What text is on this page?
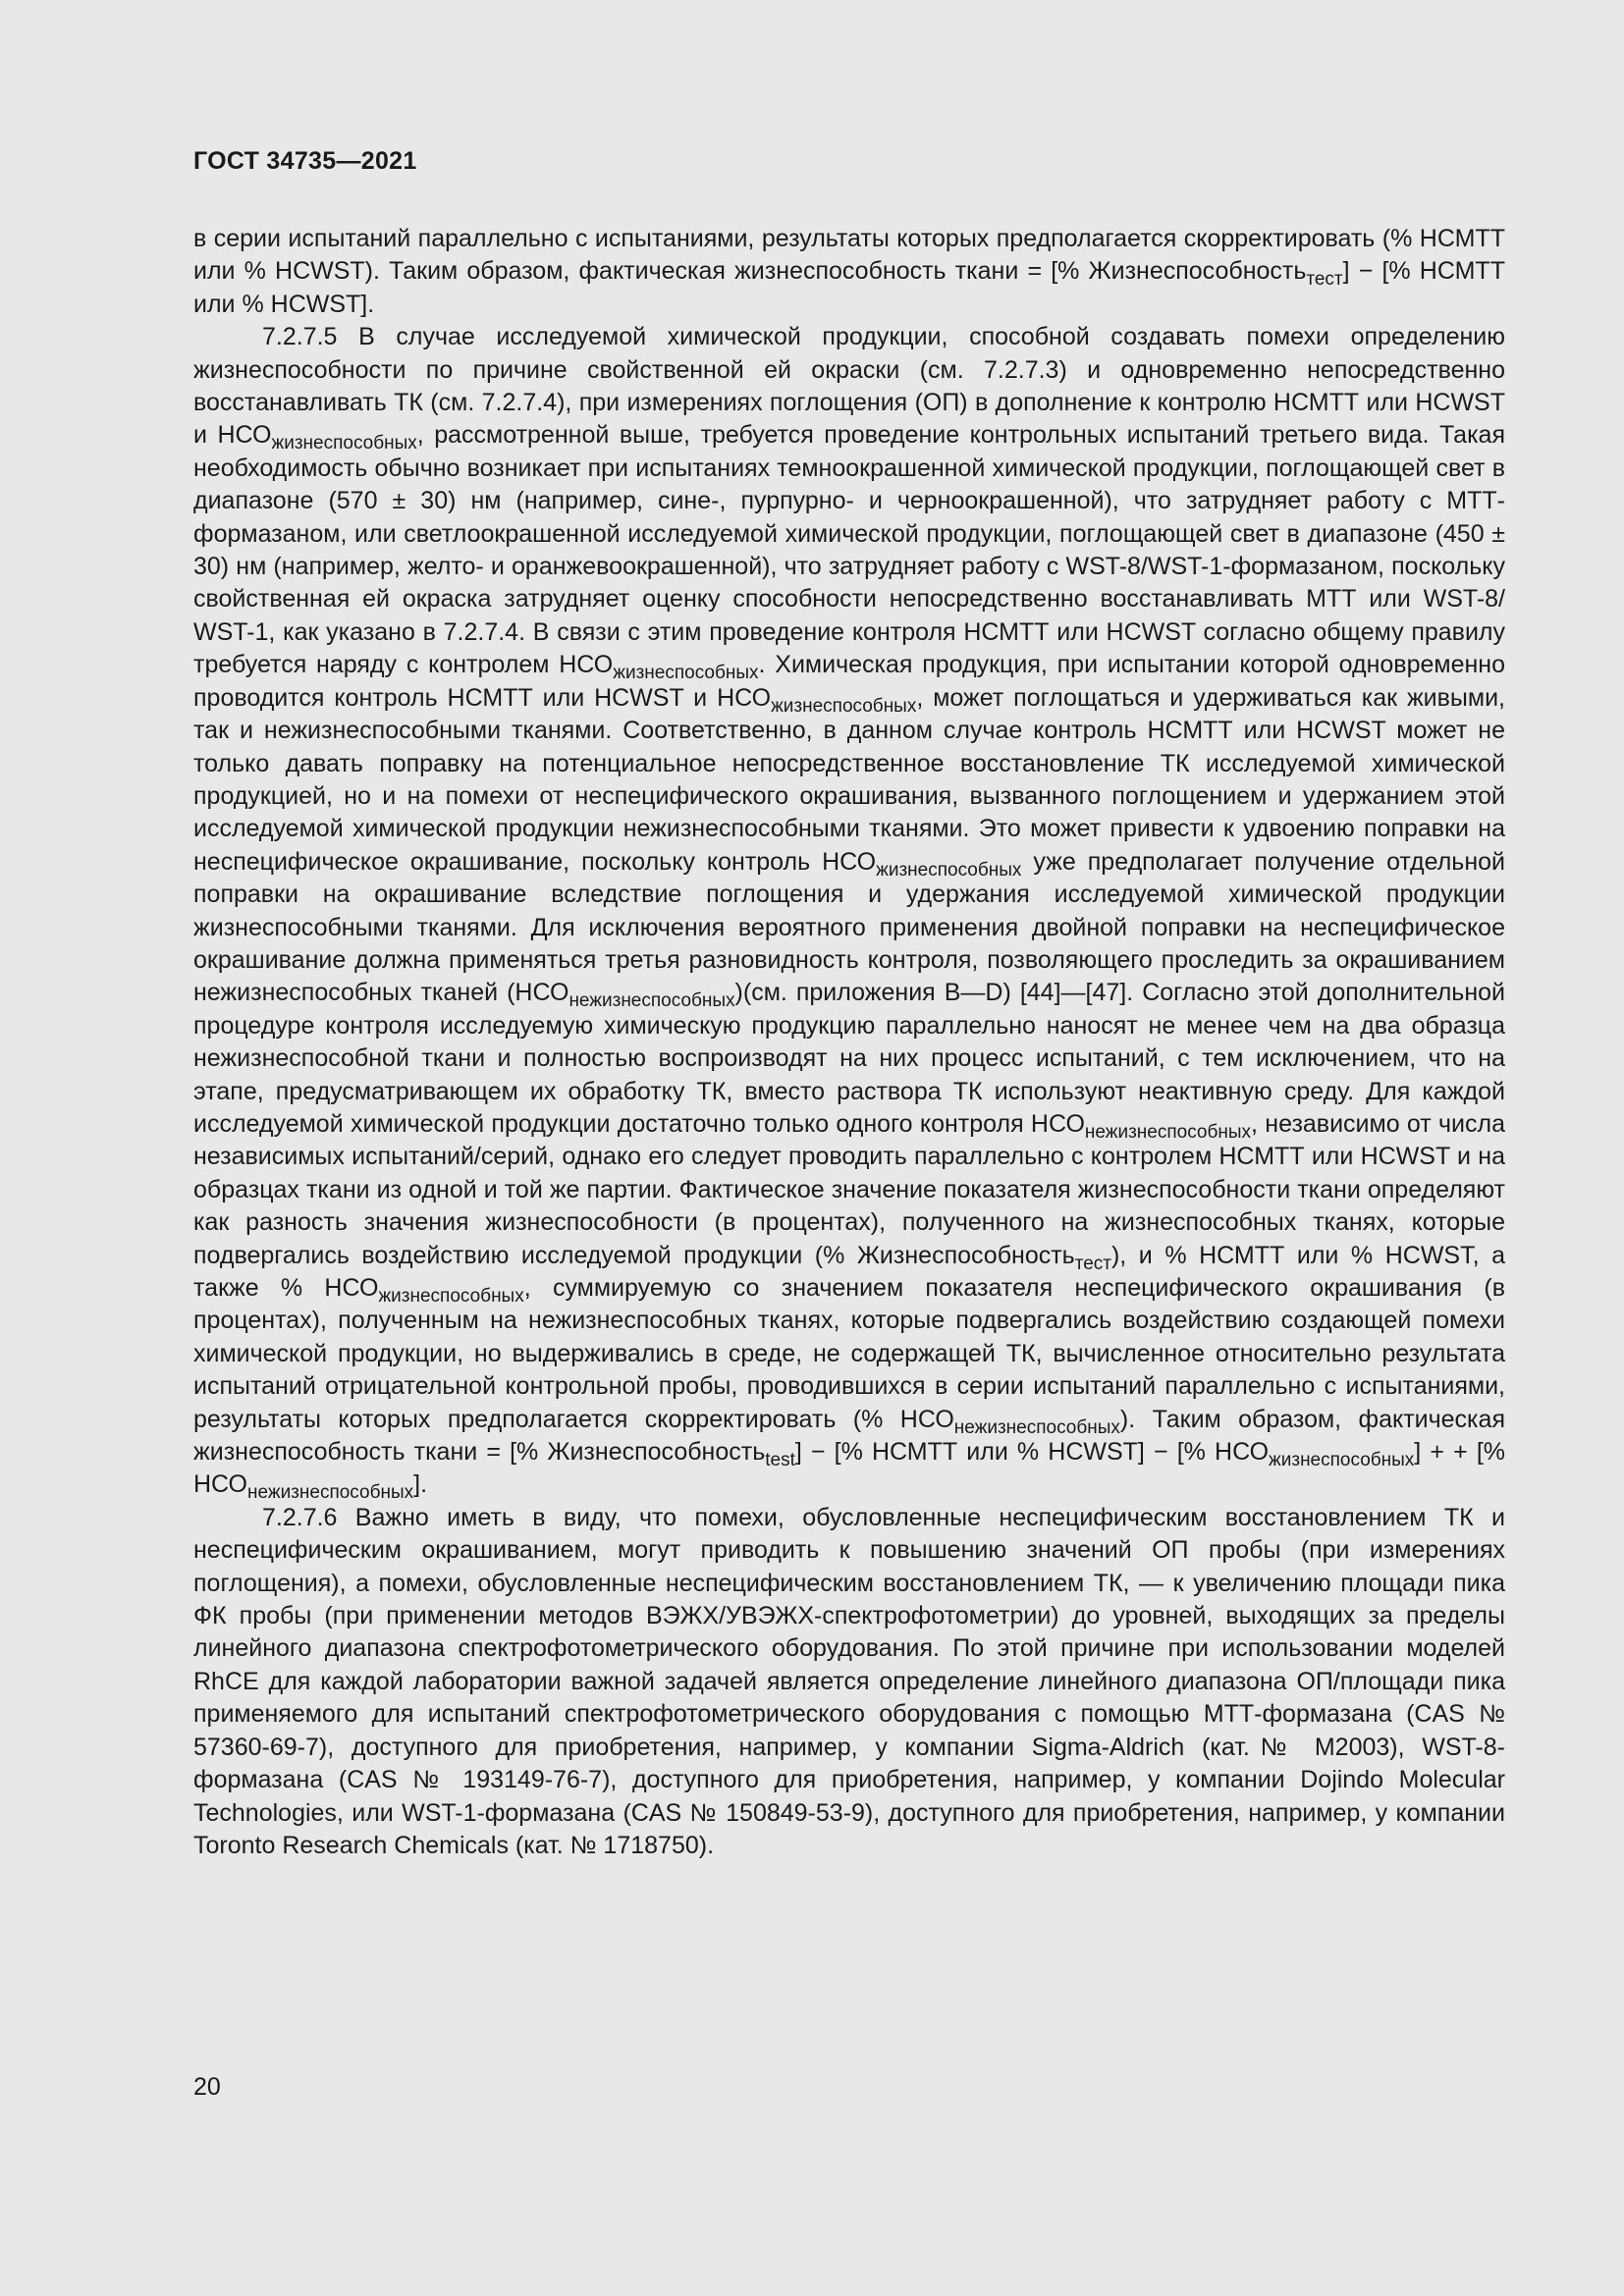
ГОСТ 34735—2021

в серии испытаний параллельно с испытаниями, результаты которых предполагается скорректировать (% НСМТТ или % НСWST). Таким образом, фактическая жизнеспособность ткани = [% Жизнеспособность$_{тест}$] − [% НСМТТ или % НСWST].

7.2.7.5 В случае исследуемой химической продукции, способной создавать помехи определению жизнеспособности по причине свойственной ей окраски (см. 7.2.7.3) и одновременно непосредственно восстанавливать ТК (см. 7.2.7.4), при измерениях поглощения (ОП) в дополнение к контролю НСМТТ или НСWST и $НСО_{жизнеспособных}$, рассмотренной выше, требуется проведение контрольных испытаний третьего вида. Такая необходимость обычно возникает при испытаниях темноокрашенной химической продукции, поглощающей свет в диапазоне (570 ± 30) нм (например, сине-, пурпурно- и черноокрашенной), что затрудняет работу с МТТ-формазаном, или светлоокрашенной исследуемой химической продукции, поглощающей свет в диапазоне (450 ± 30) нм (например, желто- и оранжевоокрашенной), что затрудняет работу с WST-8/WST-1-формазаном, поскольку свойственная ей окраска затрудняет оценку способности непосредственно восстанавливать МТТ или WST-8/ WST-1, как указано в 7.2.7.4. В связи с этим проведение контроля НСМТТ или НСWST согласно общему правилу требуется наряду с контролем $НСО_{жизнеспособных}$. Химическая продукция, при испытании которой одновременно проводится контроль НСМТТ или НСWST и $НСО_{жизнеспособных}$, может поглощаться и удерживаться как живыми, так и нежизнеспособными тканями. Соответственно, в данном случае контроль НСМТТ или НСWST может не только давать поправку на потенциальное непосредственное восстановление ТК исследуемой химической продукцией, но и на помехи от неспецифического окрашивания, вызванного поглощением и удержанием этой исследуемой химической продукции нежизнеспособными тканями. Это может привести к удвоению поправки на неспецифическое окрашивание, поскольку контроль $НСО_{жизнеспособных}$ уже предполагает получение отдельной поправки на окрашивание вследствие поглощения и удержания исследуемой химической продукции жизнеспособными тканями. Для исключения вероятного применения двойной поправки на неспецифическое окрашивание должна применяться третья разновидность контроля, позволяющего проследить за окрашиванием нежизнеспособных тканей $(НСО_{нежизнеспособных})(см$. приложения В—D) [44]—[47]. Согласно этой дополнительной процедуре контроля исследуемую химическую продукцию параллельно наносят не менее чем на два образца нежизнеспособной ткани и полностью воспроизводят на них процесс испытаний, с тем исключением, что на этапе, предусматривающем их обработку ТК, вместо раствора ТК используют неактивную среду. Для каждой исследуемой химической продукции достаточно только одного контроля $НСО_{нежизнеспособных}$, независимо от числа независимых испытаний/серий, однако его следует проводить параллельно с контролем НСМТТ или НСWST и на образцах ткани из одной и той же партии. Фактическое значение показателя жизнеспособности ткани определяют как разность значения жизнеспособности (в процентах), полученного на жизнеспособных тканях, которые подвергались воздействию исследуемой продукции (% Жизнеспособность$_{тест}$), и % НСМТТ или % НСWST, а также % $НСО_{жизнеспособных}$, суммируемую со значением показателя неспецифического окрашивания (в процентах), полученным на нежизнеспособных тканях, которые подвергались воздействию создающей помехи химической продукции, но выдерживались в среде, не содержащей ТК, вычисленное относительно результата испытаний отрицательной контрольной пробы, проводившихся в серии испытаний параллельно с испытаниями, результаты которых предполагается скорректировать (% $НСО_{нежизнеспособных}$). Таким образом, фактическая жизнеспособность ткани = [% Жизнеспособность$_{test}$] − [% НСМТТ или % НСWST] − [% $НСО_{жизнеспособных}$] + + [% $НСО_{нежизнеспособных}$].

7.2.7.6 Важно иметь в виду, что помехи, обусловленные неспецифическим восстановлением ТК и неспецифическим окрашиванием, могут приводить к повышению значений ОП пробы (при измерениях поглощения), а помехи, обусловленные неспецифическим восстановлением ТК, — к увеличению площади пика ФК пробы (при применении методов ВЭЖХ/УВЭЖХ-спектрофотометрии) до уровней, выходящих за пределы линейного диапазона спектрофотометрического оборудования. По этой причине при использовании моделей RhCE для каждой лаборатории важной задачей является определение линейного диапазона ОП/площади пика применяемого для испытаний спектрофотометрического оборудования с помощью МТТ-формазана (CAS № 57360-69-7), доступного для приобретения, например, у компании Sigma-Aldrich (кат.№ М2003), WST-8-формазана (CAS № 193149-76-7), доступного для приобретения, например, у компании Dojindo Molecular Technologies, или WST-1-формазана (CAS № 150849-53-9), доступного для приобретения, например, у компании Toronto Research Chemicals (кат. № 1718750).

20
